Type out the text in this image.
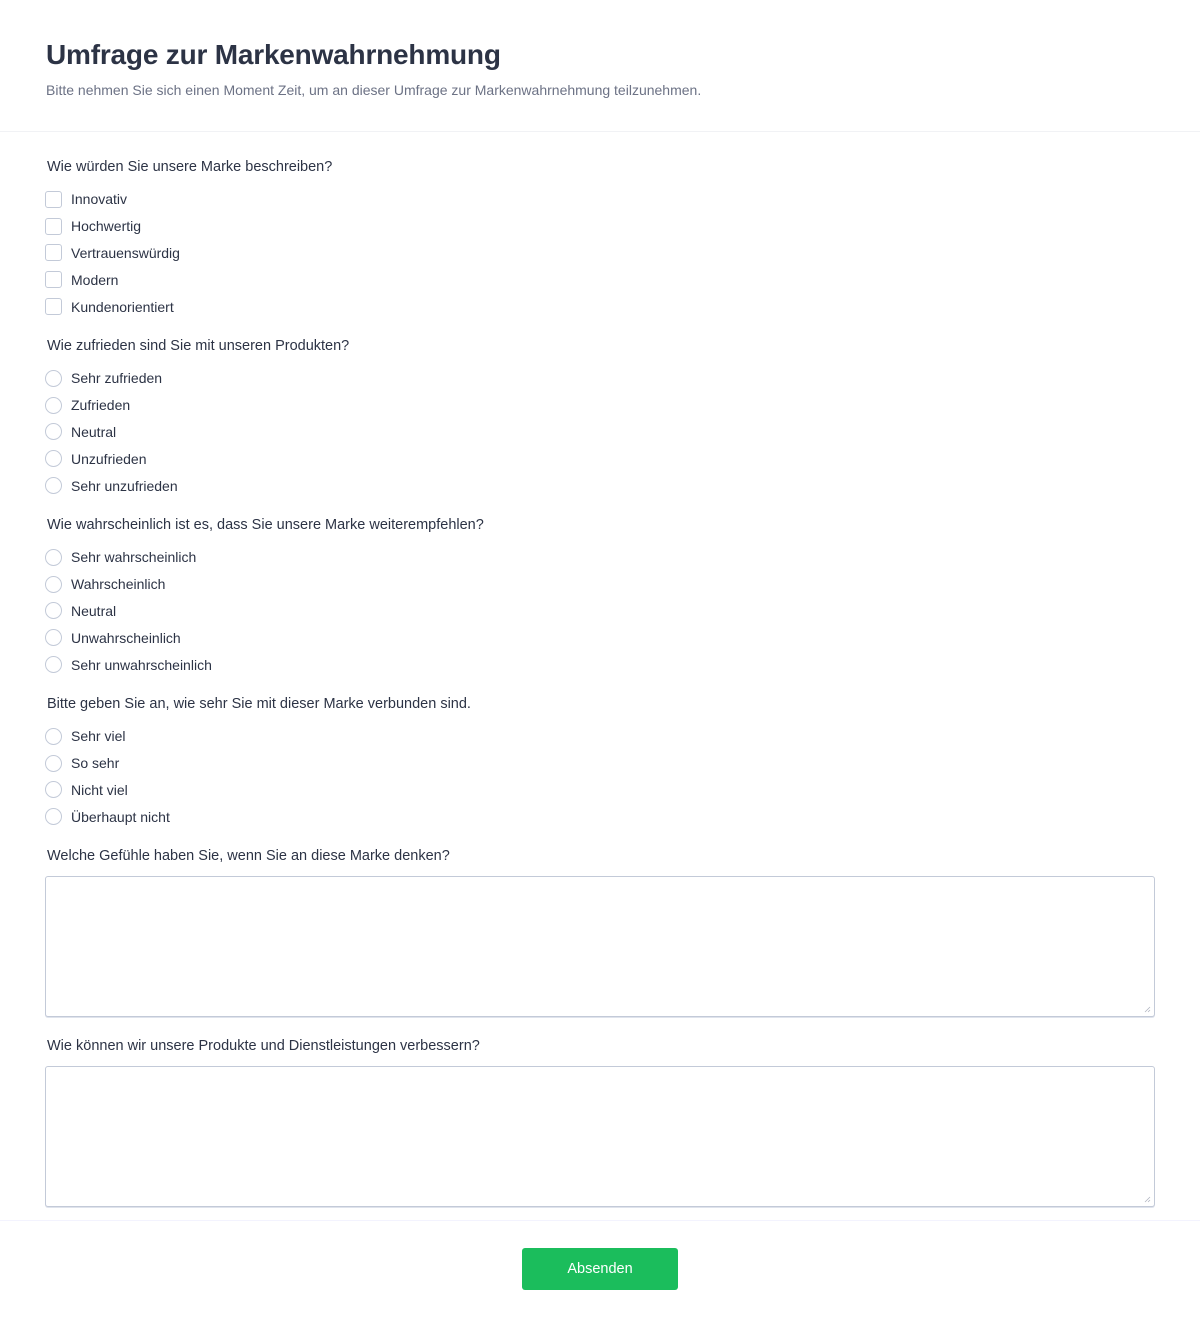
Umfrage zur Markenwahrnehmung

Bitte nehmen Sie sich einen Moment Zeit, um an dieser Umfrage zur Markenwahrnehmung teilzunehmen.

Wie würden Sie unsere Marke beschreiben?
Innovativ
Hochwertig
Vertrauenswürdig
Modern
Kundenorientiert
Wie zufrieden sind Sie mit unseren Produkten?
Sehr zufrieden
Zufrieden
Neutral
Unzufrieden
Sehr unzufrieden
Wie wahrscheinlich ist es, dass Sie unsere Marke weiterempfehlen?
Sehr wahrscheinlich
Wahrscheinlich
Neutral
Unwahrscheinlich
Sehr unwahrscheinlich
Bitte geben Sie an, wie sehr Sie mit dieser Marke verbunden sind.
Sehr viel
So sehr
Nicht viel
Überhaupt nicht
Welche Gefühle haben Sie, wenn Sie an diese Marke denken?
Wie können wir unsere Produkte und Dienstleistungen verbessern?
Absenden
